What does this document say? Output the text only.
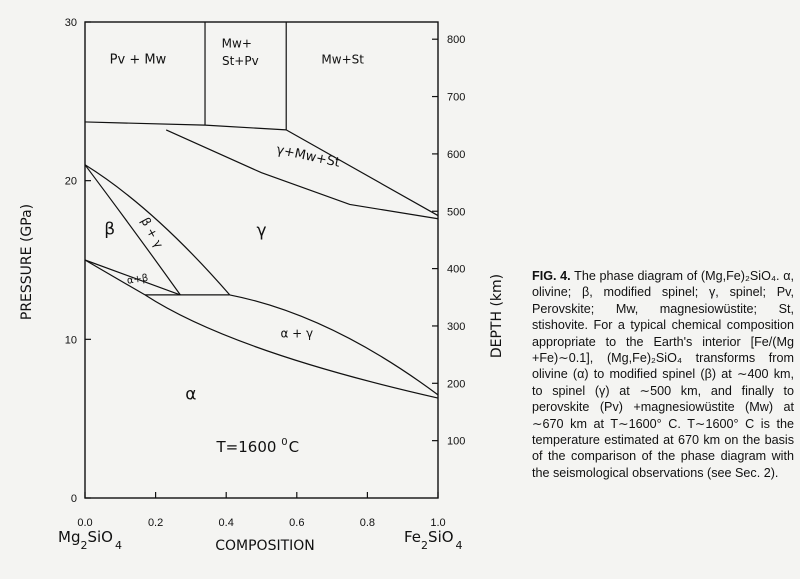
0.0	0.2	0.4	0.6	0.8	1.0
0
10
20
30
100
200
300
400
500
600
700
800
Pv + Mw
Mw+
St+Pv	Mw+St
γ+Mw+St
β + γ
β	γ
α+β
α + γ
α
PRESSURE (GPa)	DEPTH (km)
COMPOSITION
$Mg_2SiO$ $_4$	$Fe_2SiO$ $_4$
T=1600 $^0$C
FIG. 4. The phase diagram of (Mg,Fe)₂SiO₄. α, olivine; β, modified spinel; γ, spinel; Pv, Perovskite; Mw, magnesiowüstite; St, stishovite. For a typical chemical composition appropriate to the Earth's interior [Fe/(Mg +Fe)∼0.1], (Mg,Fe)₂SiO₄ transforms from olivine (α) to modified spinel (β) at ∼400 km, to spinel (γ) at ∼500 km, and finally to perovskite (Pv) +magnesiowüstite (Mw) at ∼670 km at T∼1600° C. T∼1600° C is the temperature estimated at 670 km on the basis of the comparison of the phase diagram with the seismological observations (see Sec. 2).
